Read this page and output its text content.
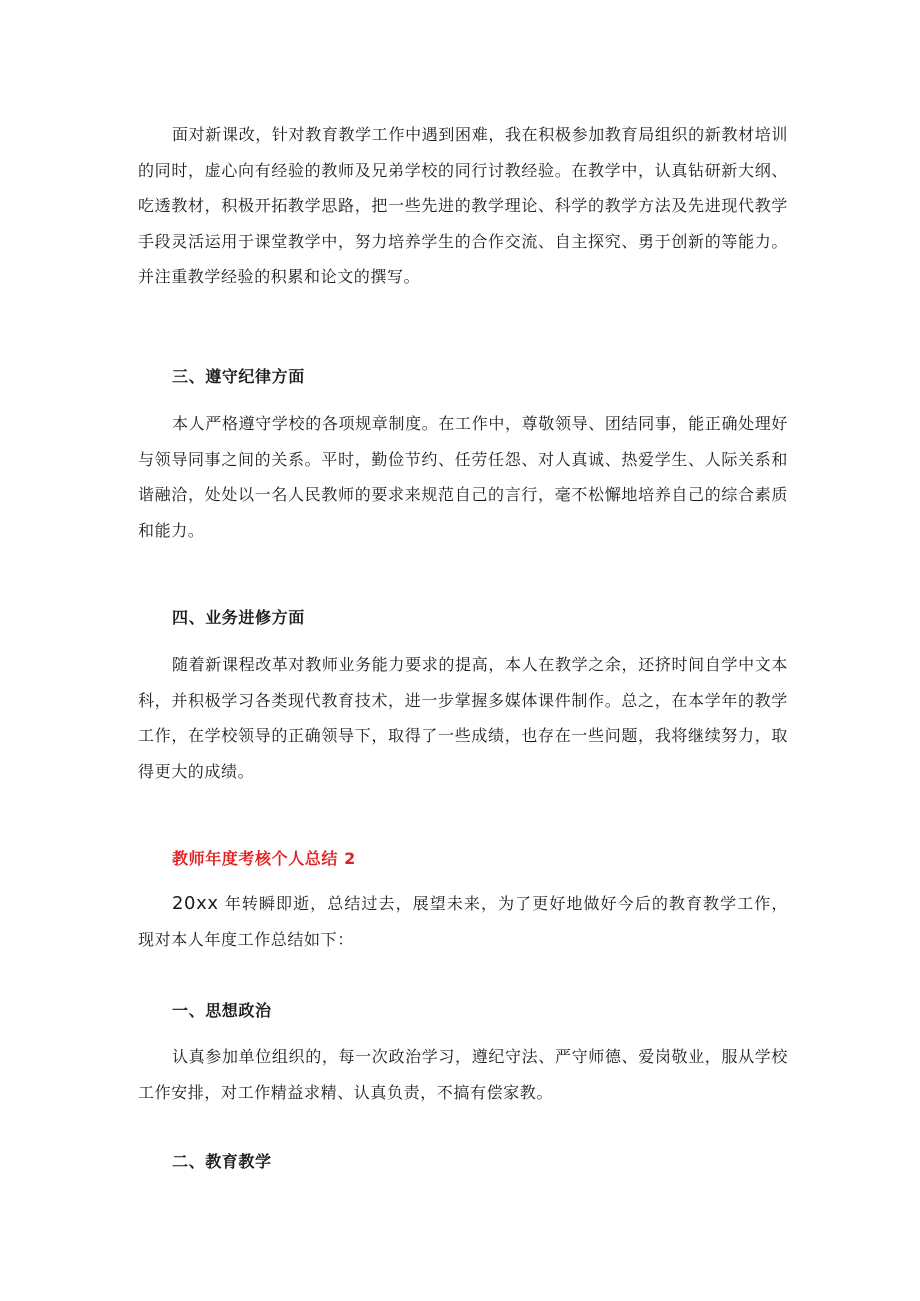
面对新课改，针对教育教学工作中遇到困难，我在积极参加教育局组织的新教材培训的同时，虚心向有经验的教师及兄弟学校的同行讨教经验。在教学中，认真钻研新大纲、吃透教材，积极开拓教学思路，把一些先进的教学理论、科学的教学方法及先进现代教学手段灵活运用于课堂教学中，努力培养学生的合作交流、自主探究、勇于创新的等能力。并注重教学经验的积累和论文的撰写。

三、遵守纪律方面

本人严格遵守学校的各项规章制度。在工作中，尊敬领导、团结同事，能正确处理好与领导同事之间的关系。平时，勤俭节约、任劳任怨、对人真诚、热爱学生、人际关系和谐融洽，处处以一名人民教师的要求来规范自己的言行，毫不松懈地培养自己的综合素质和能力。

四、业务进修方面

随着新课程改革对教师业务能力要求的提高，本人在教学之余，还挤时间自学中文本科，并积极学习各类现代教育技术，进一步掌握多媒体课件制作。总之，在本学年的教学工作，在学校领导的正确领导下，取得了一些成绩，也存在一些问题，我将继续努力，取得更大的成绩。

教师年度考核个人总结 2

20xx 年转瞬即逝，总结过去，展望未来，为了更好地做好今后的教育教学工作，现对本人年度工作总结如下：

一、思想政治

认真参加单位组织的，每一次政治学习，遵纪守法、严守师德、爱岗敬业，服从学校工作安排，对工作精益求精、认真负责，不搞有偿家教。

二、教育教学
